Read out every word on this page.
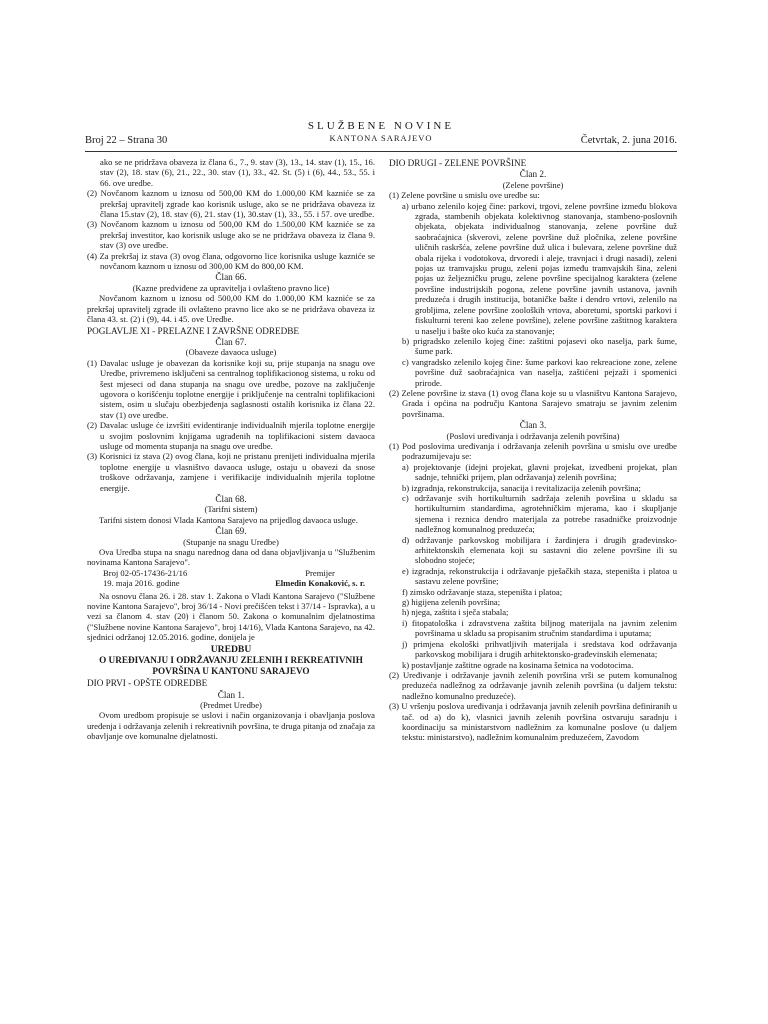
Broj 22 – Strana 30
SLUŽBENE NOVINE
KANTONA SARAJEVO	Četvrtak, 2. juna 2016.

ako se ne pridržava obaveza iz člana 6., 7., 9. stav (3), 13., 14. stav (1), 15., 16. stav (2), 18. stav (6), 21., 22., 30. stav (1), 33., 42. St. (5) i (6), 44., 53., 55. i 66. ove uredbe.

(2) Novčanom kaznom u iznosu od 500,00 KM do 1.000,00 KM kazniće se za prekršaj upravitelj zgrade kao korisnik usluge, ako se ne pridržava obaveza iz člana 15.stav (2), 18. stav (6), 21. stav (1), 30.stav (1), 33., 55. i 57. ove uredbe.

(3) Novčanom kaznom u iznosu od 500,00 KM do 1.500,00 KM kazniće se za prekršaj investitor, kao korisnik usluge ako se ne pridržava obaveza iz člana 9. stav (3) ove uredbe.

(4) Za prekršaj iz stava (3) ovog člana, odgovorno lice korisnika usluge kazniće se novčanom kaznom u iznosu od 300,00 KM do 800,00 KM.

Član 66.

(Kazne predviđene za upravitelja i ovlašteno pravno lice)

Novčanom kaznom u iznosu od 500,00 KM do 1.000,00 KM kazniće se za prekršaj upravitelj zgrade ili ovlašteno pravno lice ako se ne pridržava obaveza iz člana 43. st. (2) i (9), 44. i 45. ove Uredbe.

POGLAVLJE XI - PRELAZNE I ZAVRŠNE ODREDBE

Član 67.

(Obaveze davaoca usluge)

(1) Davalac usluge je obavezan da korisnike koji su, prije stupanja na snagu ove Uredbe, privremeno isključeni sa centralnog toplifikacionog sistema, u roku od šest mjeseci od dana stupanja na snagu ove uredbe, pozove na zaključenje ugovora o korišćenju toplotne energije i priključenje na centralni toplifikacioni sistem, osim u slučaju obezbjeđenja saglasnosti ostalih korisnika iz člana 22. stav (1) ove uredbe.

(2) Davalac usluge će izvršiti evidentiranje individualnih mjerila toplotne energije u svojim poslovnim knjigama ugrađenih na toplifikacioni sistem davaoca usluge od momenta stupanja na snagu ove uredbe.

(3) Korisnici iz stava (2) ovog člana, koji ne pristanu prenijeti individualna mjerila toplotne energije u vlasništvo davaoca usluge, ostaju u obavezi da snose troškove održavanja, zamjene i verifikacije individualnih mjerila toplotne energije.

Član 68.

(Tarifni sistem)

Tarifni sistem donosi Vlada Kantona Sarajevo na prijedlog davaoca usluge.

Član 69.

(Stupanje na snagu Uredbe)

Ova Uredba stupa na snagu narednog dana od dana objavljivanja u "Službenim novinama Kantona Sarajevo".

Broj 02-05-17436-21/16
19. maja 2016. godine
Premijer
Elmedin Konaković, s. r.

Na osnovu člana 26. i 28. stav 1. Zakona o Vladi Kantona Sarajevo ("Službene novine Kantona Sarajevo", broj 36/14 - Novi prečišćen tekst i 37/14 - Ispravka), a u vezi sa članom 4. stav (20) i članom 50. Zakona o komunalnim djelatnostima ("Službene novine Kantona Sarajevo", broj 14/16), Vlada Kantona Sarajevo, na 42. sjednici održanoj 12.05.2016. godine, donijela je

UREDBU

O UREĐIVANJU I ODRŽAVANJU ZELENIH I REKREATIVNIH POVRŠINA U KANTONU SARAJEVO

DIO PRVI - OPŠTE ODREDBE

Član 1.

(Predmet Uredbe)

Ovom uredbom propisuje se uslovi i način organizovanja i obavljanja poslova uređenja i održavanja zelenih i rekreativnih površina, te druga pitanja od značaja za obavljanje ove komunalne djelatnosti.

DIO DRUGI - ZELENE POVRŠINE

Član 2.

(Zelene površine)

(1) Zelene površine u smislu ove uredbe su:

a) urbano zelenilo kojeg čine: parkovi, trgovi, zelene površine između blokova zgrada, stambenih objekata kolektivnog stanovanja, stambeno-poslovnih objekata, objekata individualnog stanovanja, zelene površine duž saobraćajnica (skverovi, zelene površine duž pločnika, zelene površine uličnih raskršća, zelene površine duž ulica i bulevara, zelene površine duž obala rijeka i vodotokova, drvoredi i aleje, travnjaci i drugi nasadi), zeleni pojas uz tramvajsku prugu, zeleni pojas između tramvajskih šina, zeleni pojas uz željezničku prugu, zelene površine specijalnog karaktera (zelene površine industrijskih pogona, zelene površine javnih ustanova, javnih preduzeća i drugih institucija, botaničke bašte i dendro vrtovi, zelenilo na grobljima, zelene površine zooloških vrtova, aboretumi, sportski parkovi i fiskulturni tereni kao zelene površine), zelene površine zaštitnog karaktera u naselju i bašte oko kuća za stanovanje;

b) prigradsko zelenilo kojeg čine: zaštitni pojasevi oko naselja, park šume, šume park.

c) vangradsko zelenilo kojeg čine: šume parkovi kao rekreacione zone, zelene površine duž saobraćajnica van naselja, zaštićeni pejzaži i spomenici prirode.

(2) Zelene površine iz stava (1) ovog člana koje su u vlasništvu Kantona Sarajevo, Grada i općina na području Kantona Sarajevo smatraju se javnim zelenim površinama.

Član 3.

(Poslovi uređivanja i održavanja zelenih površina)

(1) Pod poslovima uređivanja i održavanja zelenih površina u smislu ove uredbe podrazumijevaju se:

a) projektovanje (idejni projekat, glavni projekat, izvedbeni projekat, plan sadnje, tehnički prijem, plan održavanja) zelenih površina;

b) izgradnja, rekonstrukcija, sanacija i revitalizacija zelenih površina;

c) održavanje svih hortikulturnih sadržaja zelenih površina u skladu sa hortikulturnim standardima, agrotehničkim mjerama, kao i skupljanje sjemena i reznica dendro materijala za potrebe rasadničke proizvodnje nadležnog komunalnog preduzeća;

d) održavanje parkovskog mobilijara i žardinjera i drugih građevinsko-arhitektonskih elemenata koji su sastavni dio zelene površine ili su slobodno stojeće;

e) izgradnja, rekonstrukcija i održavanje pješačkih staza, stepeništa i platoa u sastavu zelene površine;

f) zimsko održavanje staza, stepeništa i platoa;

g) higijena zelenih površina;

h) njega, zaštita i sječa stabala;

i) fitopatološka i zdravstvena zaštita biljnog materijala na javnim zelenim površinama u skladu sa propisanim stručnim standardima i uputama;

j) primjena ekološki prihvatljivih materijala i sredstava kod održavanja parkovskog mobilijara i drugih arhitektonsko-građevinskih elemenata;

k) postavljanje zaštitne ograde na kosinama šetnica na vodotocima.

(2) Uređivanje i održavanje javnih zelenih površina vrši se putem komunalnog preduzeća nadležnog za održavanje javnih zelenih površina (u daljem tekstu: nadležno komunalno preduzeće).

(3) U vršenju poslova uređivanja i održavanja javnih zelenih površina definiranih u tač. od a) do k), vlasnici javnih zelenih površina ostvaruju saradnju i koordinaciju sa ministarstvom nadležnim za komunalne poslove (u daljem tekstu: ministarstvo), nadležnim komunalnim preduzećem, Zavodom
